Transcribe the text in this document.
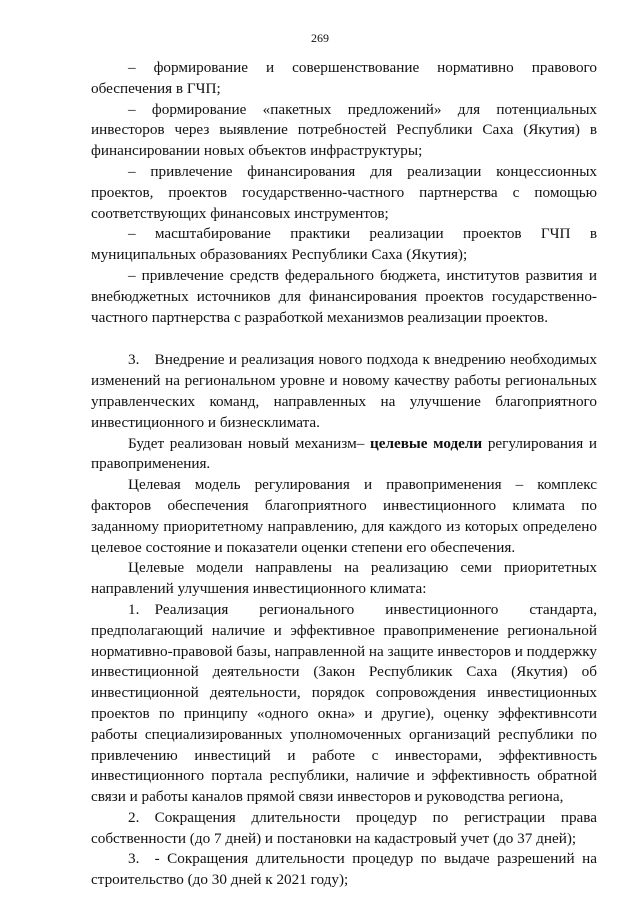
269

– формирование и совершенствование нормативно правового обеспечения в ГЧП;

– формирование «пакетных предложений» для потенциальных инвесторов через выявление потребностей Республики Саха (Якутия) в финансировании новых объектов инфраструктуры;

– привлечение финансирования для реализации концессионных проектов, проектов государственно-частного партнерства с помощью соответствующих финансовых инструментов;

– масштабирование практики реализации проектов ГЧП в муниципальных образованиях Республики Саха (Якутия);

– привлечение средств федерального бюджета, институтов развития и внебюджетных источников для финансирования проектов государственно-частного партнерства с разработкой механизмов реализации проектов.

3. Внедрение и реализация нового подхода к внедрению необходимых изменений на региональном уровне и новому качеству работы региональных управленческих команд, направленных на улучшение благоприятного инвестиционного и бизнесклимата.

Будет реализован новый механизм– целевые модели регулирования и правоприменения.

Целевая модель регулирования и правоприменения – комплекс факторов обеспечения благоприятного инвестиционного климата по заданному приоритетному направлению, для каждого из которых определено целевое состояние и показатели оценки степени его обеспечения.

Целевые модели направлены на реализацию семи приоритетных направлений улучшения инвестиционного климата:

1. Реализация регионального инвестиционного стандарта, предполагающий наличие и эффективное правоприменение региональной нормативно-правовой базы, направленной на защите инвесторов и поддержку инвестиционной деятельности (Закон Республикик Саха (Якутия) об инвестиционной деятельности, порядок сопровождения инвестиционных проектов по принципу «одного окна» и другие), оценку эффективнсоти работы специализированных уполномоченных организаций республики по привлечению инвестиций и работе с инвесторами, эффективность инвестиционного портала республики, наличие и эффективность обратной связи и работы каналов прямой связи инвесторов и руководства региона,

2. Сокращения длительности процедур по регистрации права собственности (до 7 дней) и постановки на кадастровый учет (до 37 дней);

3. - Сокращения длительности процедур по выдаче разрешений на строительство (до 30 дней к 2021 году);
